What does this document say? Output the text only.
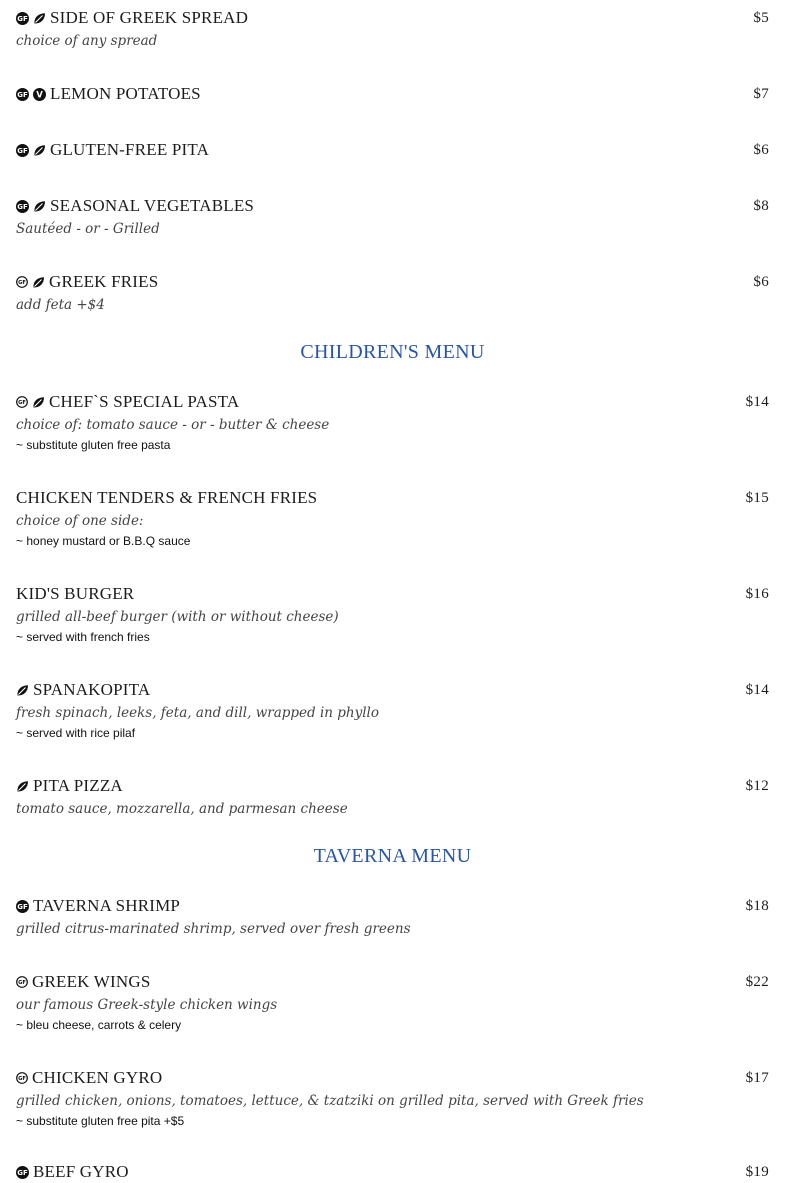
GF SIDE OF GREEK SPREAD	$5
choice of any spread
GF V LEMON POTATOES	$7
GF GLUTEN-FREE PITA	$6
GF SEASONAL VEGETABLES	$8
Sautéed - or - Grilled
GF GREEK FRIES	$6
add feta +$4
CHILDREN'S MENU
GF CHEF`S SPECIAL PASTA	$14
choice of: tomato sauce - or - butter & cheese
~ substitute gluten free pasta
CHICKEN TENDERS & FRENCH FRIES	$15
choice of one side:
~ honey mustard or B.B.Q sauce
KID'S BURGER	$16
grilled all-beef burger (with or without cheese)
~ served with french fries
SPANAKOPITA	$14
fresh spinach, leeks, feta, and dill, wrapped in phyllo
~ served with rice pilaf
PITA PIZZA	$12
tomato sauce, mozzarella, and parmesan cheese
TAVERNA MENU
GF TAVERNA SHRIMP	$18
grilled citrus-marinated shrimp, served over fresh greens
GF GREEK WINGS	$22
our famous Greek-style chicken wings
~ bleu cheese, carrots & celery
GF CHICKEN GYRO	$17
grilled chicken, onions, tomatoes, lettuce, & tzatziki on grilled pita, served with Greek fries
~ substitute gluten free pita +$5
GF BEEF GYRO	$19
